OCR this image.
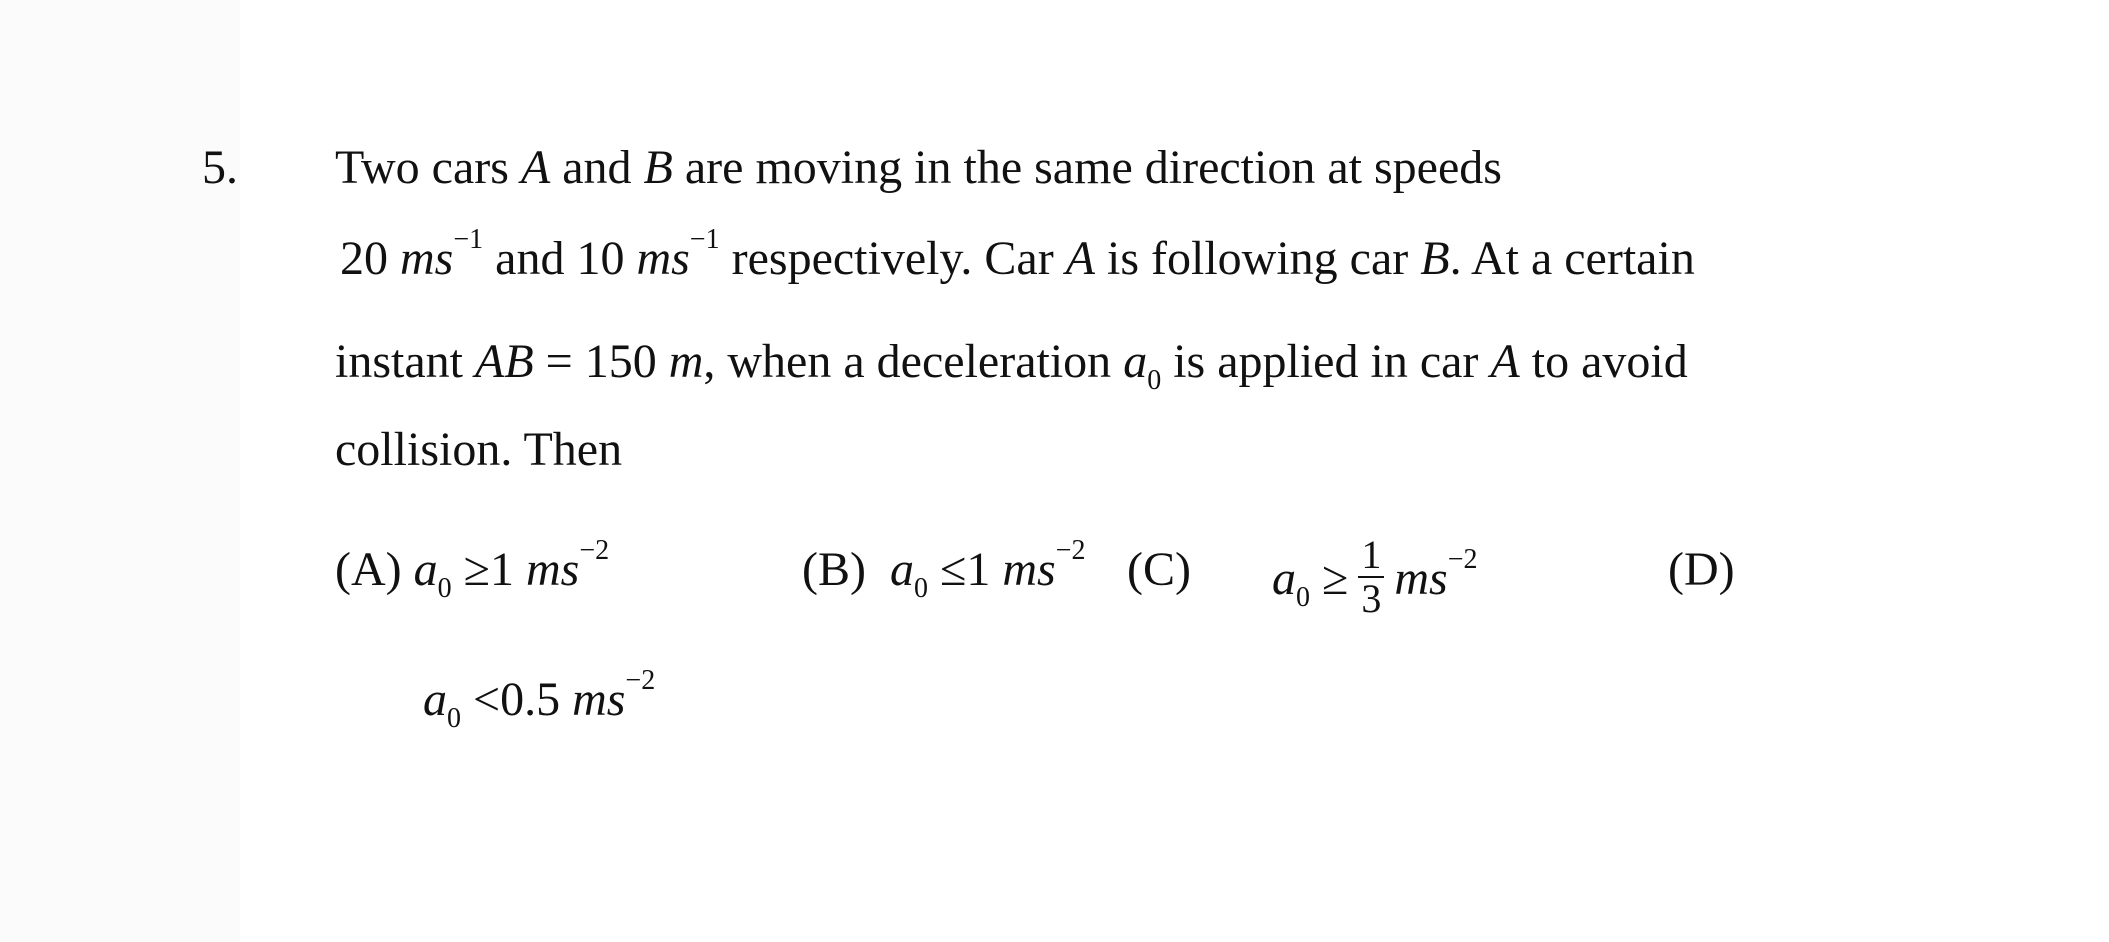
5. Two cars A and B are moving in the same direction at speeds
20 $ms^{-1}$ and 10 $ms^{-1}$ respectively. Car A is following car B. At a certain
instant AB = 150 m, when a deceleration $a_0$ is applied in car A to avoid
collision. Then
(A) $a_0 \ge 1$ $ms^{-2}$	(B) $a_0 \le 1$ $ms^{-2}$ (C) $a_0 \ge \frac{1}{3} ms^{-2}$	(D)
$a_0 <0.5$ $ms^{-2}$
